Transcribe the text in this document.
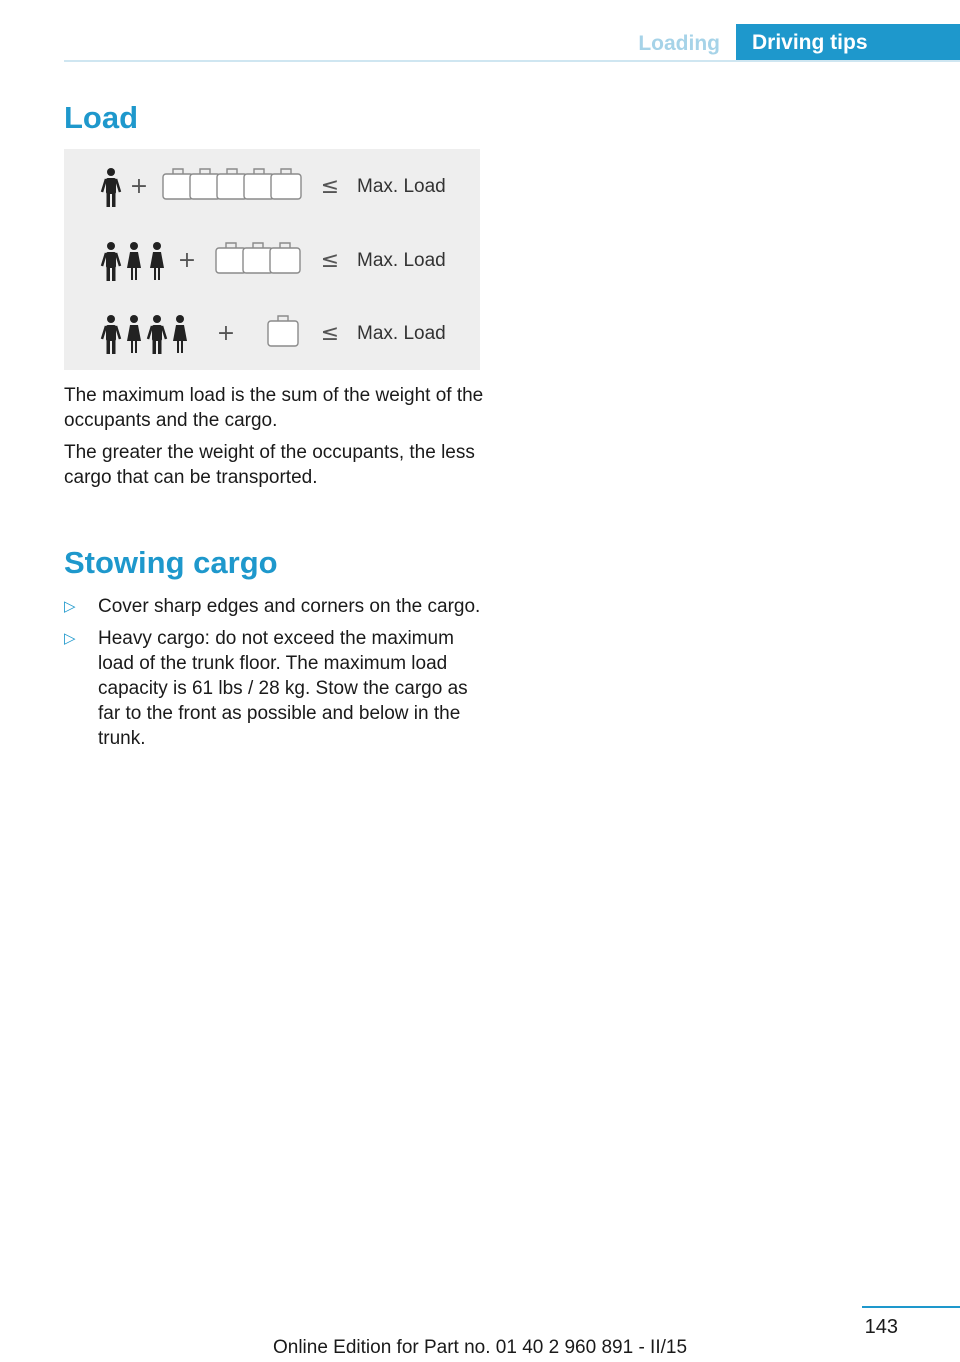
Loading	Driving tips
Load
+	≤ Max. Load
+	≤ Max. Load
+	≤ Max. Load

The maximum load is the sum of the weight of the occupants and the cargo.

The greater the weight of the occupants, the less cargo that can be transported.

Stowing cargo
▷ Cover sharp edges and corners on the cargo.
▷ Heavy cargo: do not exceed the maximum load of the trunk floor. The maximum load capacity is 61 lbs / 28 kg. Stow the cargo as far to the front as possible and below in the trunk.
143
Online Edition for Part no. 01 40 2 960 891 - II/15
